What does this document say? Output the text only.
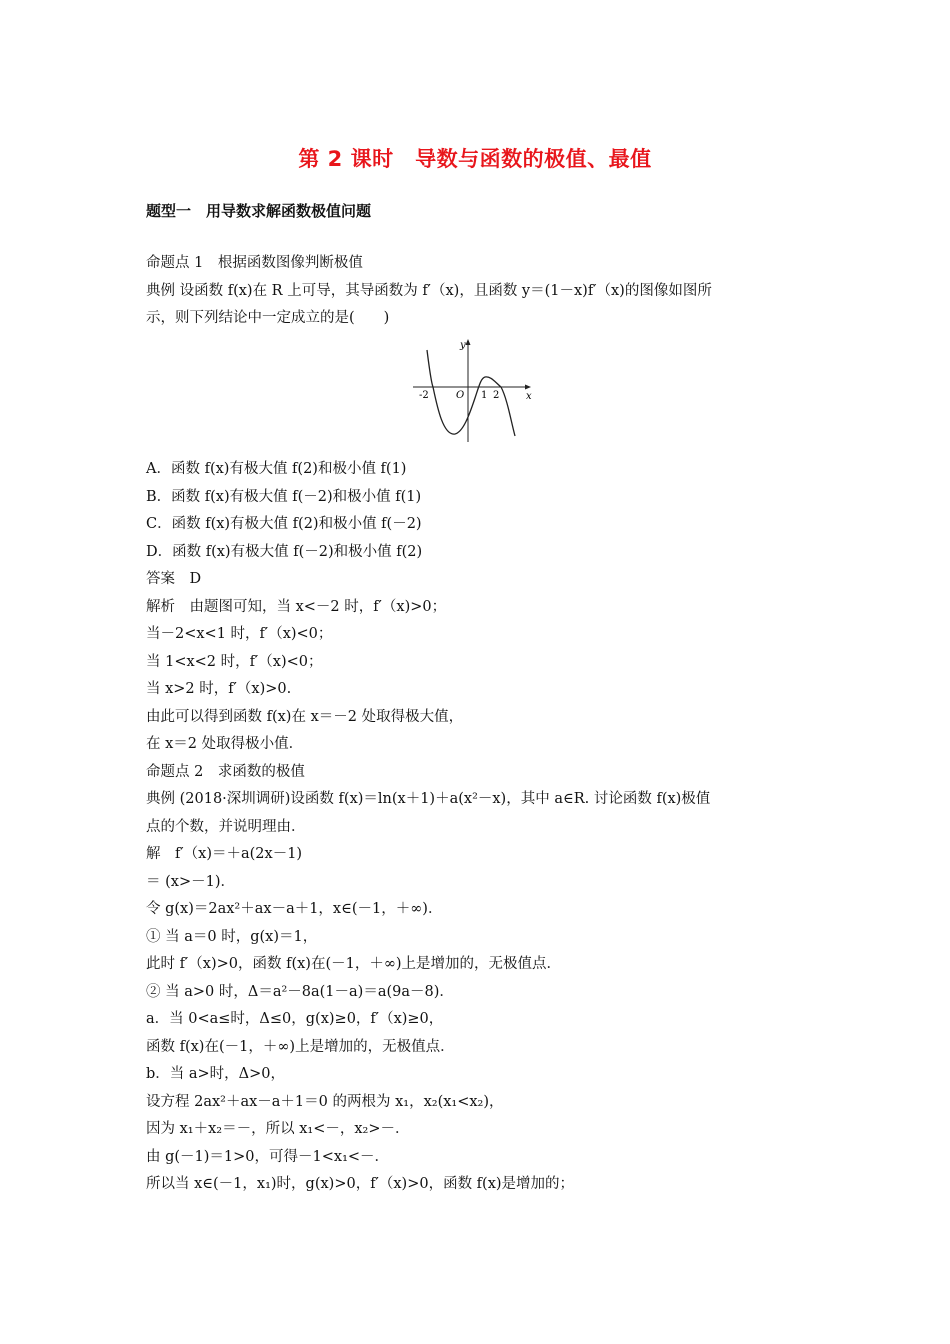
第 2 课时　导数与函数的极值、最值
题型一　用导数求解函数极值问题
命题点 1　根据函数图像判断极值
典例 设函数 f(x)在 R 上可导，其导函数为 f′（x)，且函数 y＝(1－x)f′（x)的图像如图所
示，则下列结论中一定成立的是(　　)
y
x
O
-2	1 2
A．函数 f(x)有极大值 f(2)和极小值 f(1)
B．函数 f(x)有极大值 f(－2)和极小值 f(1)
C．函数 f(x)有极大值 f(2)和极小值 f(－2)
D．函数 f(x)有极大值 f(－2)和极小值 f(2)
答案　D
解析　由题图可知，当 x<－2 时，f′（x)>0；
当－2<x<1 时，f′（x)<0；
当 1<x<2 时，f′（x)<0；
当 x>2 时，f′（x)>0.
由此可以得到函数 f(x)在 x＝－2 处取得极大值，
在 x＝2 处取得极小值．
命题点 2　求函数的极值
典例 (2018·深圳调研)设函数 f(x)＝ln(x＋1)＋a(x²－x)，其中 a∈R. 讨论函数 f(x)极值
点的个数，并说明理由．
解　f′（x)＝＋a(2x－1)
＝ (x>－1)．
令 g(x)＝2ax²＋ax－a＋1，x∈(－1，＋∞)．
① 当 a＝0 时，g(x)＝1，
此时 f′（x)>0，函数 f(x)在(－1，＋∞)上是增加的，无极值点．
② 当 a>0 时，Δ＝a²－8a(1－a)＝a(9a－8)．
a．当 0<a≤时，Δ≤0，g(x)≥0，f′（x)≥0，
函数 f(x)在(－1，＋∞)上是增加的，无极值点．
b．当 a>时，Δ>0，
设方程 2ax²＋ax－a＋1＝0 的两根为 x₁，x₂(x₁<x₂)，
因为 x₁＋x₂＝－，所以 x₁<－，x₂>－．
由 g(－1)＝1>0，可得－1<x₁<－．
所以当 x∈(－1，x₁)时，g(x)>0，f′（x)>0，函数 f(x)是增加的；
